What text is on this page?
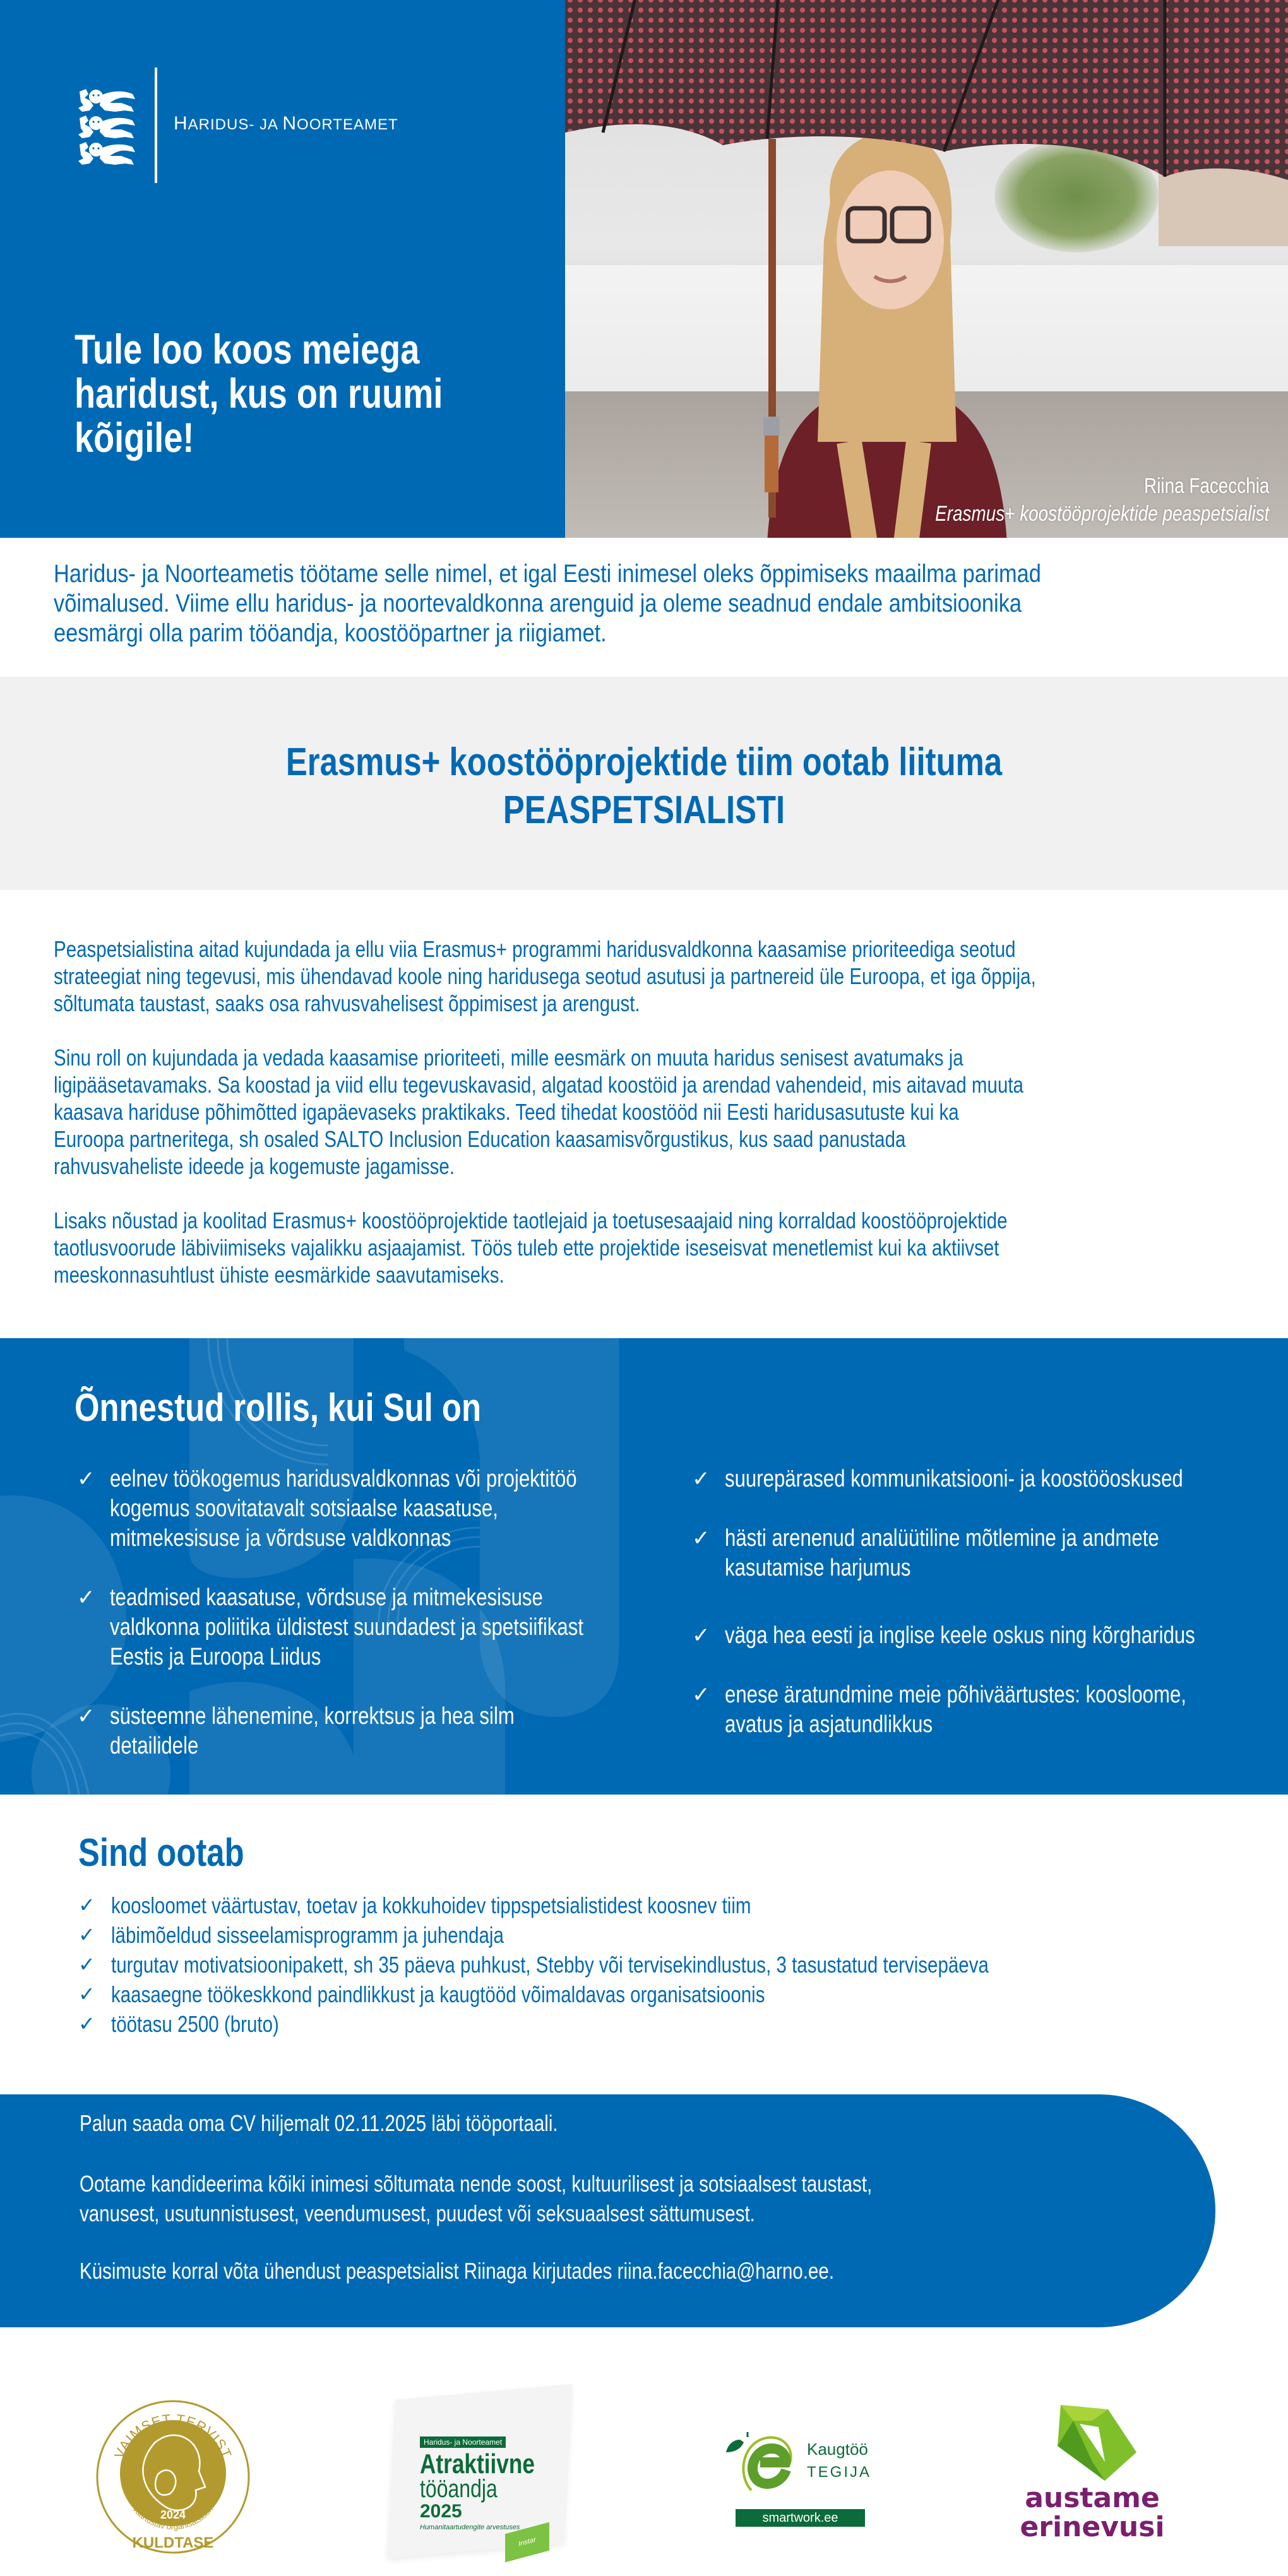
HARIDUS- JA NOORTEAMET
Tule loo koos meiega
haridust, kus on ruumi
kõigile!
Riina Facecchia
Erasmus+ koostööprojektide peaspetsialist
Haridus- ja Noorteametis töötame selle nimel, et igal Eesti inimesel oleks õppimiseks maailma parimad
võimalused. Viime ellu haridus- ja noortevaldkonna arenguid ja oleme seadnud endale ambitsioonika
eesmärgi olla parim tööandja, koostööpartner ja riigiamet.
Erasmus+ koostööprojektide tiim ootab liituma
PEASPETSIALISTI

Peaspetsialistina aitad kujundada ja ellu viia Erasmus+ programmi haridusvaldkonna kaasamise prioriteediga seotud
strateegiat ning tegevusi, mis ühendavad koole ning haridusega seotud asutusi ja partnereid üle Euroopa, et iga õppija,
sõltumata taustast, saaks osa rahvusvahelisest õppimisest ja arengust.

Sinu roll on kujundada ja vedada kaasamise prioriteeti, mille eesmärk on muuta haridus senisest avatumaks ja
ligipääsetavamaks. Sa koostad ja viid ellu tegevuskavasid, algatad koostöid ja arendad vahendeid, mis aitavad muuta
kaasava hariduse põhimõtted igapäevaseks praktikaks. Teed tihedat koostööd nii Eesti haridusasutuste kui ka
Euroopa partneritega, sh osaled SALTO Inclusion Education kaasamisvõrgustikus, kus saad panustada
rahvusvaheliste ideede ja kogemuste jagamisse.

Lisaks nõustad ja koolitad Erasmus+ koostööprojektide taotlejaid ja toetusesaajaid ning korraldad koostööprojektide
taotlusvoorude läbiviimiseks vajalikku asjaajamist. Töös tuleb ette projektide iseseisvat menetlemist kui ka aktiivset
meeskonnasuhtlust ühiste eesmärkide saavutamiseks.

Õnnestud rollis, kui Sul on
✓ eelnev töökogemus haridusvaldkonnas või projektitöö
kogemus soovitatavalt sotsiaalse kaasatuse,
mitmekesisuse ja võrdsuse valdkonnas
✓ teadmised kaasatuse, võrdsuse ja mitmekesisuse
valdkonna poliitika üldistest suundadest ja spetsiifikast
Eestis ja Euroopa Liidus
✓ süsteemne lähenemine, korrektsus ja hea silm
detailidele
✓ suurepärased kommunikatsiooni- ja koostööoskused
✓ hästi arenenud analüütiline mõtlemine ja andmete
kasutamise harjumus
✓ väga hea eesti ja inglise keele oskus ning kõrgharidus
✓ enese äratundmine meie põhiväärtustes: koosloome,
avatus ja asjatundlikkus
Sind ootab
✓ koosloomet väärtustav, toetav ja kokkuhoidev tippspetsialistidest koosnev tiim
✓ läbimõeldud sisseelamisprogramm ja juhendaja
✓ turgutav motivatsioonipakett, sh 35 päeva puhkust, Stebby või tervisekindlustus, 3 tasustatud tervisepäeva
✓ kaasaegne töökeskkond paindlikkust ja kaugtööd võimaldavas organisatsioonis
✓ töötasu 2500 (bruto)
Palun saada oma CV hiljemalt 02.11.2025 läbi tööportaali.
Ootame kandideerima kõiki inimesi sõltumata nende soost, kultuurilisest ja sotsiaalsest taustast,
vanusest, usutunnistusest, veendumusest, puudest või seksuaalsest sättumusest.
Küsimuste korral võta ühendust peaspetsialist Riinaga kirjutades riina.facecchia@harno.ee.
VAIMSET TERVIST
2024
väärtustav organisatsioon
KULDTASE
Haridus- ja Noorteamet
Atraktiivne
tööandja
2025
Humanitaartudengite arvestuses
Instar
Kaugtöö
TEGIJA
smartwork.ee
austame
erinevusi
